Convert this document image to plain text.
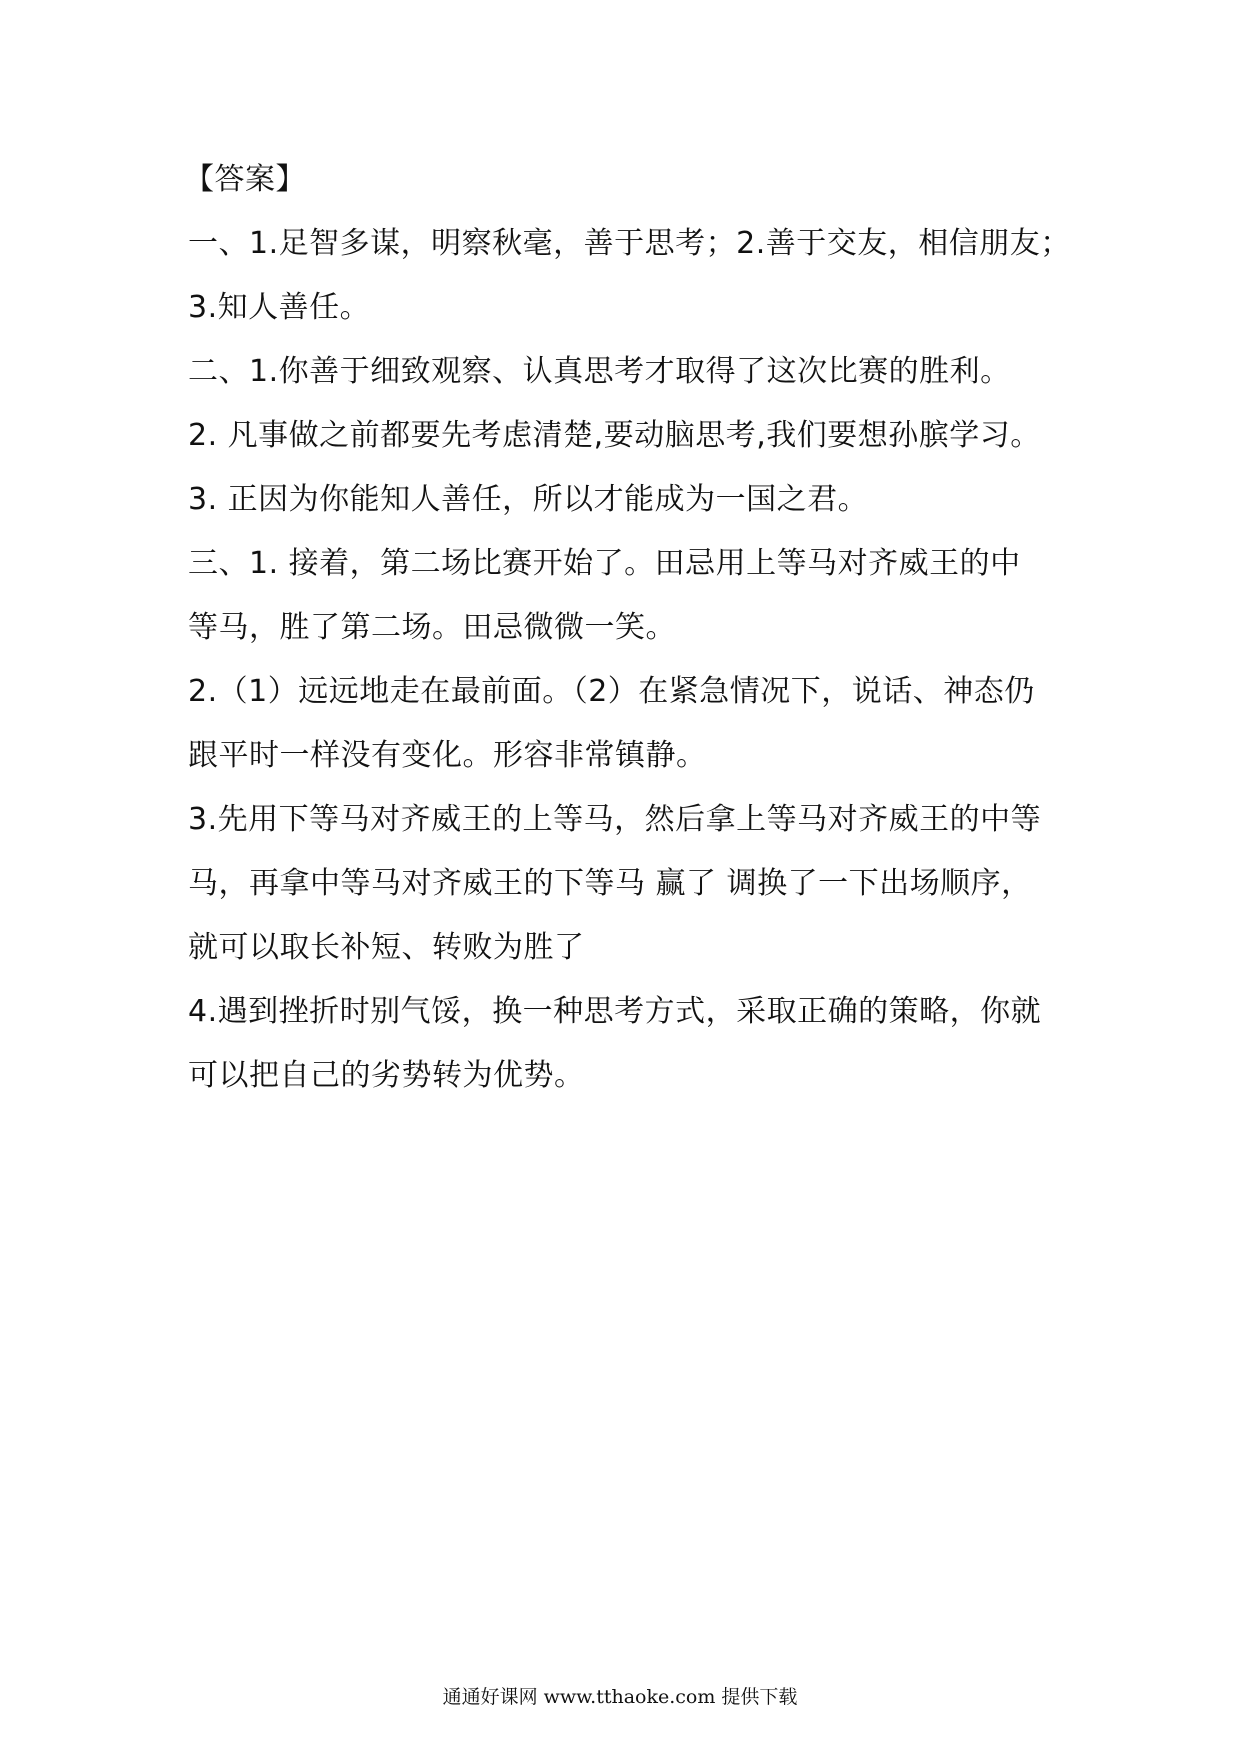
【答案】
一、1.足智多谋，明察秋毫，善于思考；2.善于交友，相信朋友；
3.知人善任。
二、1.你善于细致观察、认真思考才取得了这次比赛的胜利。
2. 凡事做之前都要先考虑清楚,要动脑思考,我们要想孙膑学习。
3. 正因为你能知人善任，所以才能成为一国之君。
三、1. 接着，第二场比赛开始了。田忌用上等马对齐威王的中
等马，胜了第二场。田忌微微一笑。
2.（1）远远地走在最前面。（2）在紧急情况下，说话、神态仍
跟平时一样没有变化。形容非常镇静。
3.先用下等马对齐威王的上等马，然后拿上等马对齐威王的中等
马，再拿中等马对齐威王的下等马 赢了 调换了一下出场顺序，
就可以取长补短、转败为胜了
4.遇到挫折时别气馁，换一种思考方式，采取正确的策略，你就
可以把自己的劣势转为优势。
通通好课网 www.tthaoke.com 提供下载
